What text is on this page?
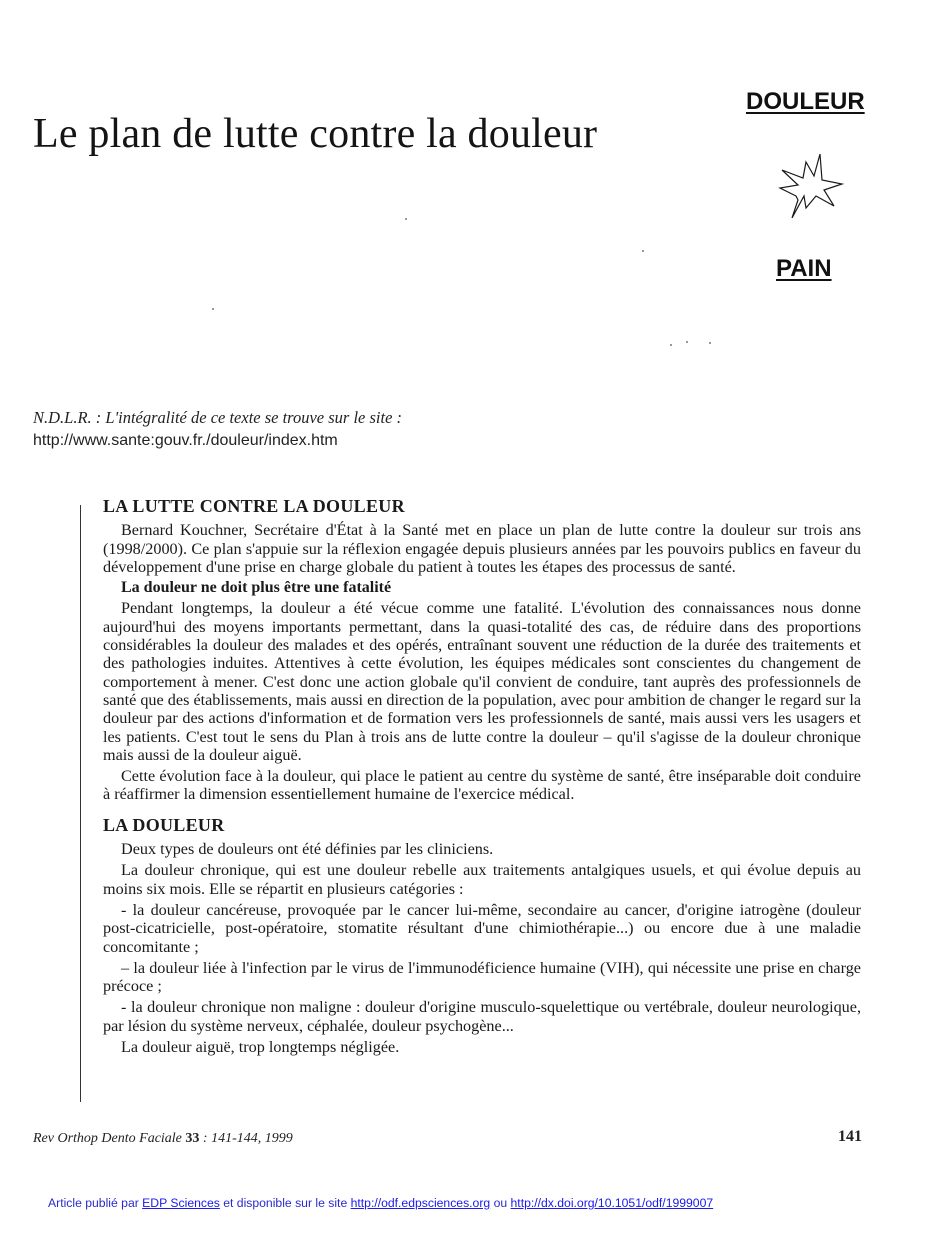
Le plan de lutte contre la douleur
DOULEUR
PAIN
N.D.L.R. : L'intégralité de ce texte se trouve sur le site :
http://www.sante:gouv.fr./douleur/index.htm
LA LUTTE CONTRE LA DOULEUR

Bernard Kouchner, Secrétaire d'État à la Santé met en place un plan de lutte contre la douleur sur trois ans (1998/2000). Ce plan s'appuie sur la réflexion engagée depuis plusieurs années par les pouvoirs publics en faveur du développement d'une prise en charge globale du patient à toutes les étapes des processus de santé.

La douleur ne doit plus être une fatalité

Pendant longtemps, la douleur a été vécue comme une fatalité. L'évolution des connaissances nous donne aujourd'hui des moyens importants permettant, dans la quasi-totalité des cas, de réduire dans des proportions considérables la douleur des malades et des opérés, entraînant souvent une réduction de la durée des traitements et des pathologies induites. Attentives à cette évolution, les équipes médicales sont conscientes du changement de comportement à mener. C'est donc une action globale qu'il convient de conduire, tant auprès des professionnels de santé que des établissements, mais aussi en direction de la population, avec pour ambition de changer le regard sur la douleur par des actions d'information et de formation vers les professionnels de santé, mais aussi vers les usagers et les patients. C'est tout le sens du Plan à trois ans de lutte contre la douleur – qu'il s'agisse de la douleur chronique mais aussi de la douleur aiguë.

Cette évolution face à la douleur, qui place le patient au centre du système de santé, être inséparable doit conduire à réaffirmer la dimension essentiellement humaine de l'exercice médical.

LA DOULEUR

Deux types de douleurs ont été définies par les cliniciens.

La douleur chronique, qui est une douleur rebelle aux traitements antalgiques usuels, et qui évolue depuis au moins six mois. Elle se répartit en plusieurs catégories :

- la douleur cancéreuse, provoquée par le cancer lui-même, secondaire au cancer, d'origine iatrogène (douleur post-cicatricielle, post-opératoire, stomatite résultant d'une chimiothérapie...) ou encore due à une maladie concomitante ;

– la douleur liée à l'infection par le virus de l'immunodéficience humaine (VIH), qui nécessite une prise en charge précoce ;

- la douleur chronique non maligne : douleur d'origine musculo-squelettique ou vertébrale, douleur neurologique, par lésion du système nerveux, céphalée, douleur psychogène...

La douleur aiguë, trop longtemps négligée.

Rev Orthop Dento Faciale 33 : 141-144, 1999	141
Article publié par EDP Sciences et disponible sur le site http://odf.edpsciences.org ou http://dx.doi.org/10.1051/odf/1999007
